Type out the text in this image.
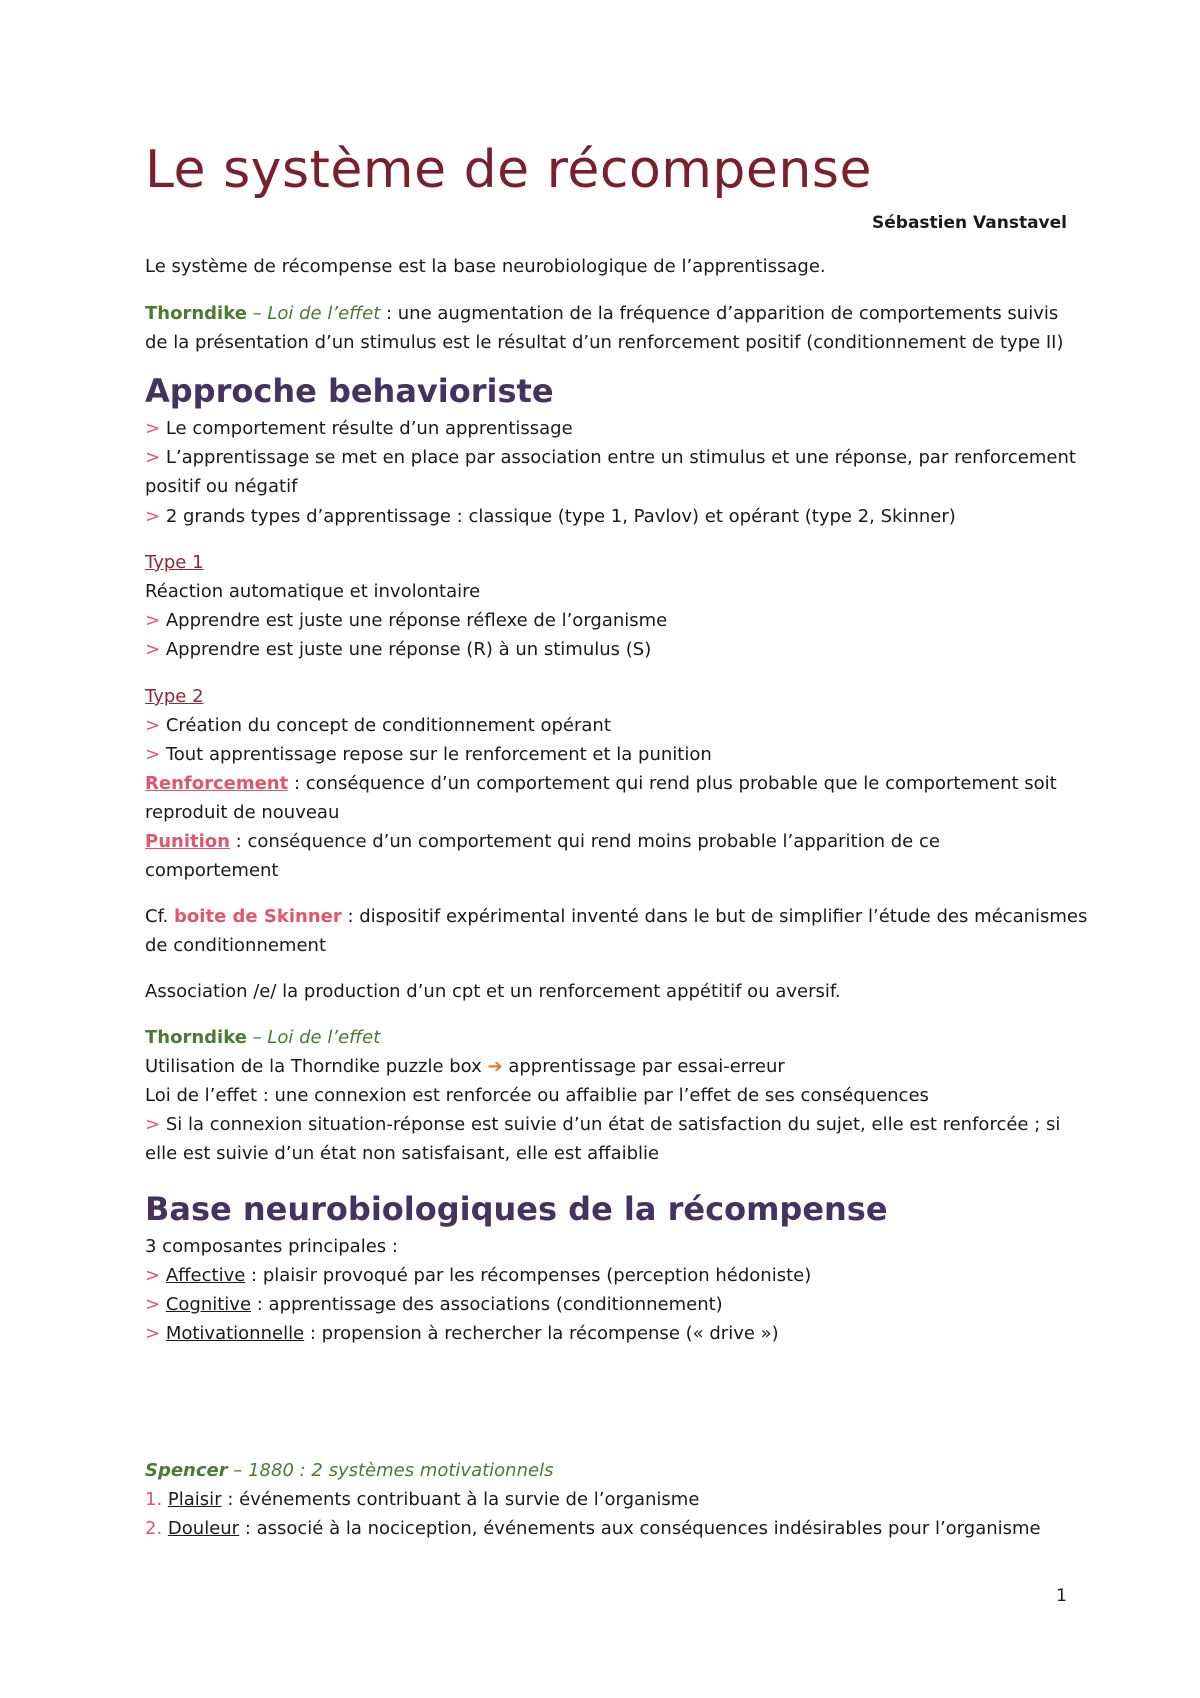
Le système de récompense
Sébastien Vanstavel
Le système de récompense est la base neurobiologique de l’apprentissage.
Thorndike – Loi de l’effet : une augmentation de la fréquence d’apparition de comportements suivis
de la présentation d’un stimulus est le résultat d’un renforcement positif (conditionnement de type II)
Approche behavioriste
> Le comportement résulte d’un apprentissage
> L’apprentissage se met en place par association entre un stimulus et une réponse, par renforcement
positif ou négatif
> 2 grands types d’apprentissage : classique (type 1, Pavlov) et opérant (type 2, Skinner)
Type 1
Réaction automatique et involontaire
> Apprendre est juste une réponse réflexe de l’organisme
> Apprendre est juste une réponse (R) à un stimulus (S)
Type 2
> Création du concept de conditionnement opérant
> Tout apprentissage repose sur le renforcement et la punition
Renforcement : conséquence d’un comportement qui rend plus probable que le comportement soit
reproduit de nouveau
Punition : conséquence d’un comportement qui rend moins probable l’apparition de ce
comportement
Cf. boite de Skinner : dispositif expérimental inventé dans le but de simplifier l’étude des mécanismes
de conditionnement
Association /e/ la production d’un cpt et un renforcement appétitif ou aversif.
Thorndike – Loi de l’effet
Utilisation de la Thorndike puzzle box ➔ apprentissage par essai-erreur
Loi de l’effet : une connexion est renforcée ou affaiblie par l’effet de ses conséquences
> Si la connexion situation-réponse est suivie d’un état de satisfaction du sujet, elle est renforcée ; si
elle est suivie d’un état non satisfaisant, elle est affaiblie
Base neurobiologiques de la récompense
3 composantes principales :
> Affective : plaisir provoqué par les récompenses (perception hédoniste)
> Cognitive : apprentissage des associations (conditionnement)
> Motivationnelle : propension à rechercher la récompense (« drive »)
Spencer – 1880 : 2 systèmes motivationnels
1. Plaisir : événements contribuant à la survie de l’organisme
2. Douleur : associé à la nociception, événements aux conséquences indésirables pour l’organisme
1
